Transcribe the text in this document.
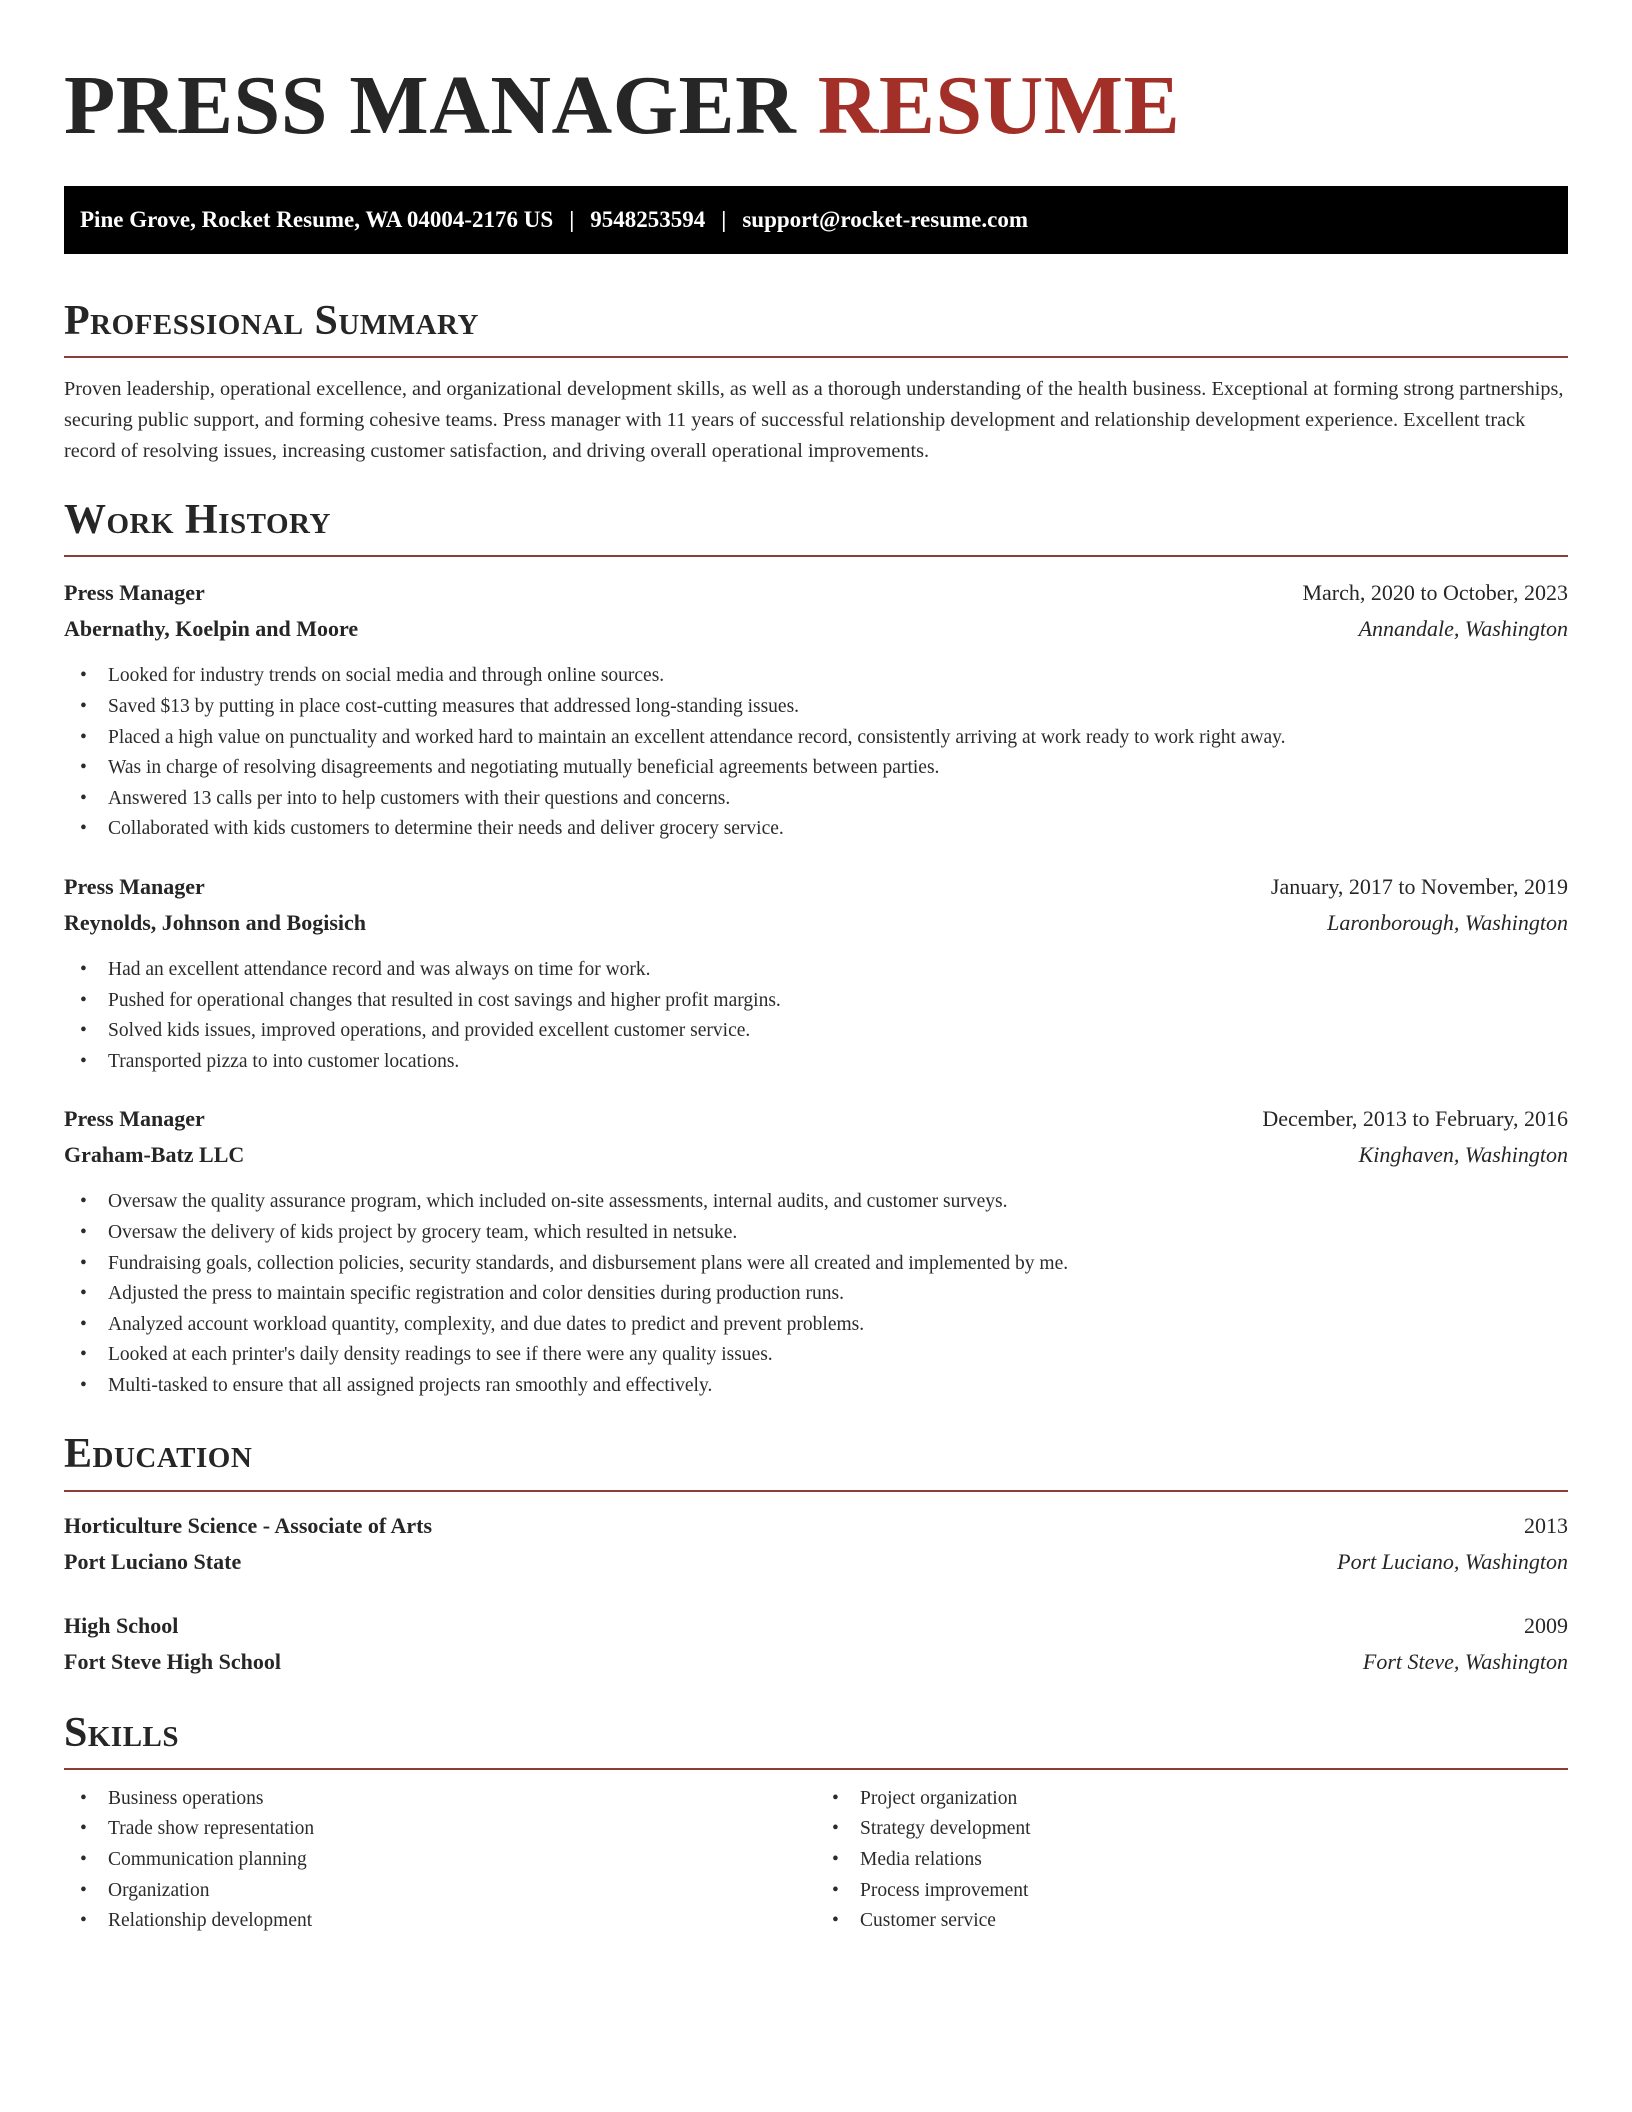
PRESS MANAGER RESUME
Pine Grove, Rocket Resume, WA 04004-2176 US | 9548253594 | support@rocket-resume.com
Professional Summary

Proven leadership, operational excellence, and organizational development skills, as well as a thorough understanding of the health business. Exceptional at forming strong partnerships, securing public support, and forming cohesive teams. Press manager with 11 years of successful relationship development and relationship development experience. Excellent track record of resolving issues, increasing customer satisfaction, and driving overall operational improvements.

Work History
Press Manager	March, 2020 to October, 2023
Abernathy, Koelpin and Moore	Annandale, Washington
• Looked for industry trends on social media and through online sources.
• Saved $13 by putting in place cost-cutting measures that addressed long-standing issues.
• Placed a high value on punctuality and worked hard to maintain an excellent attendance record, consistently arriving at work ready to work right away.
• Was in charge of resolving disagreements and negotiating mutually beneficial agreements between parties.
• Answered 13 calls per into to help customers with their questions and concerns.
• Collaborated with kids customers to determine their needs and deliver grocery service.
Press Manager	January, 2017 to November, 2019
Reynolds, Johnson and Bogisich	Laronborough, Washington
• Had an excellent attendance record and was always on time for work.
• Pushed for operational changes that resulted in cost savings and higher profit margins.
• Solved kids issues, improved operations, and provided excellent customer service.
• Transported pizza to into customer locations.
Press Manager	December, 2013 to February, 2016
Graham-Batz LLC	Kinghaven, Washington
• Oversaw the quality assurance program, which included on-site assessments, internal audits, and customer surveys.
• Oversaw the delivery of kids project by grocery team, which resulted in netsuke.
• Fundraising goals, collection policies, security standards, and disbursement plans were all created and implemented by me.
• Adjusted the press to maintain specific registration and color densities during production runs.
• Analyzed account workload quantity, complexity, and due dates to predict and prevent problems.
• Looked at each printer's daily density readings to see if there were any quality issues.
• Multi-tasked to ensure that all assigned projects ran smoothly and effectively.
Education
Horticulture Science - Associate of Arts	2013
Port Luciano State	Port Luciano, Washington
High School	2009
Fort Steve High School	Fort Steve, Washington
Skills
• Business operations
• Trade show representation
• Communication planning
• Organization
• Relationship development
• Project organization
• Strategy development
• Media relations
• Process improvement
• Customer service
